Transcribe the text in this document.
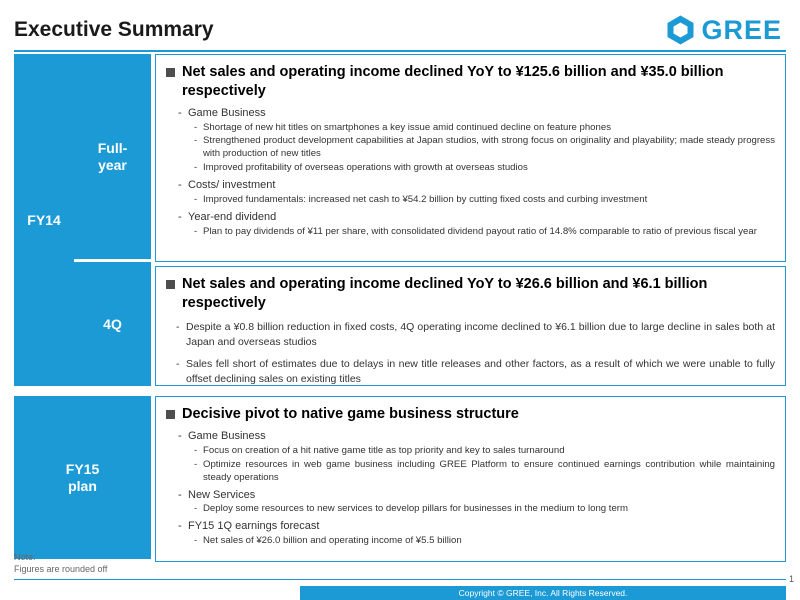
Executive Summary	GREE
FY14
Full-
year
Net sales and operating income declined YoY to ¥125.6 billion and ¥35.0 billion respectively
- Game Business
- Shortage of new hit titles on smartphones a key issue amid continued decline on feature phones
- Strengthened product development capabilities at Japan studios, with strong focus on originality and playability; made steady progress with production of new titles
- Improved profitability of overseas operations with growth at overseas studios
- Costs/ investment
- Improved fundamentals: increased net cash to ¥54.2 billion by cutting fixed costs and curbing investment
- Year-end dividend
- Plan to pay dividends of ¥11 per share, with consolidated dividend payout ratio of 14.8% comparable to ratio of previous fiscal year
4Q
Net sales and operating income declined YoY to ¥26.6 billion and ¥6.1 billion respectively
- Despite a ¥0.8 billion reduction in fixed costs, 4Q operating income declined to ¥6.1 billion due to large decline in sales both at Japan and overseas studios
- Sales fell short of estimates due to delays in new title releases and other factors, as a result of which we were unable to fully offset declining sales on existing titles
FY15
plan
Decisive pivot to native game business structure
- Game Business
- Focus on creation of a hit native game title as top priority and key to sales turnaround
- Optimize resources in web game business including GREE Platform to ensure continued earnings contribution while maintaining steady operations
- New Services
- Deploy some resources to new services to develop pillars for businesses in the medium to long term
- FY15 1Q earnings forecast
- Net sales of ¥26.0 billion and operating income of ¥5.5 billion
Note:
Figures are rounded off
1
Copyright © GREE, Inc. All Rights Reserved.
